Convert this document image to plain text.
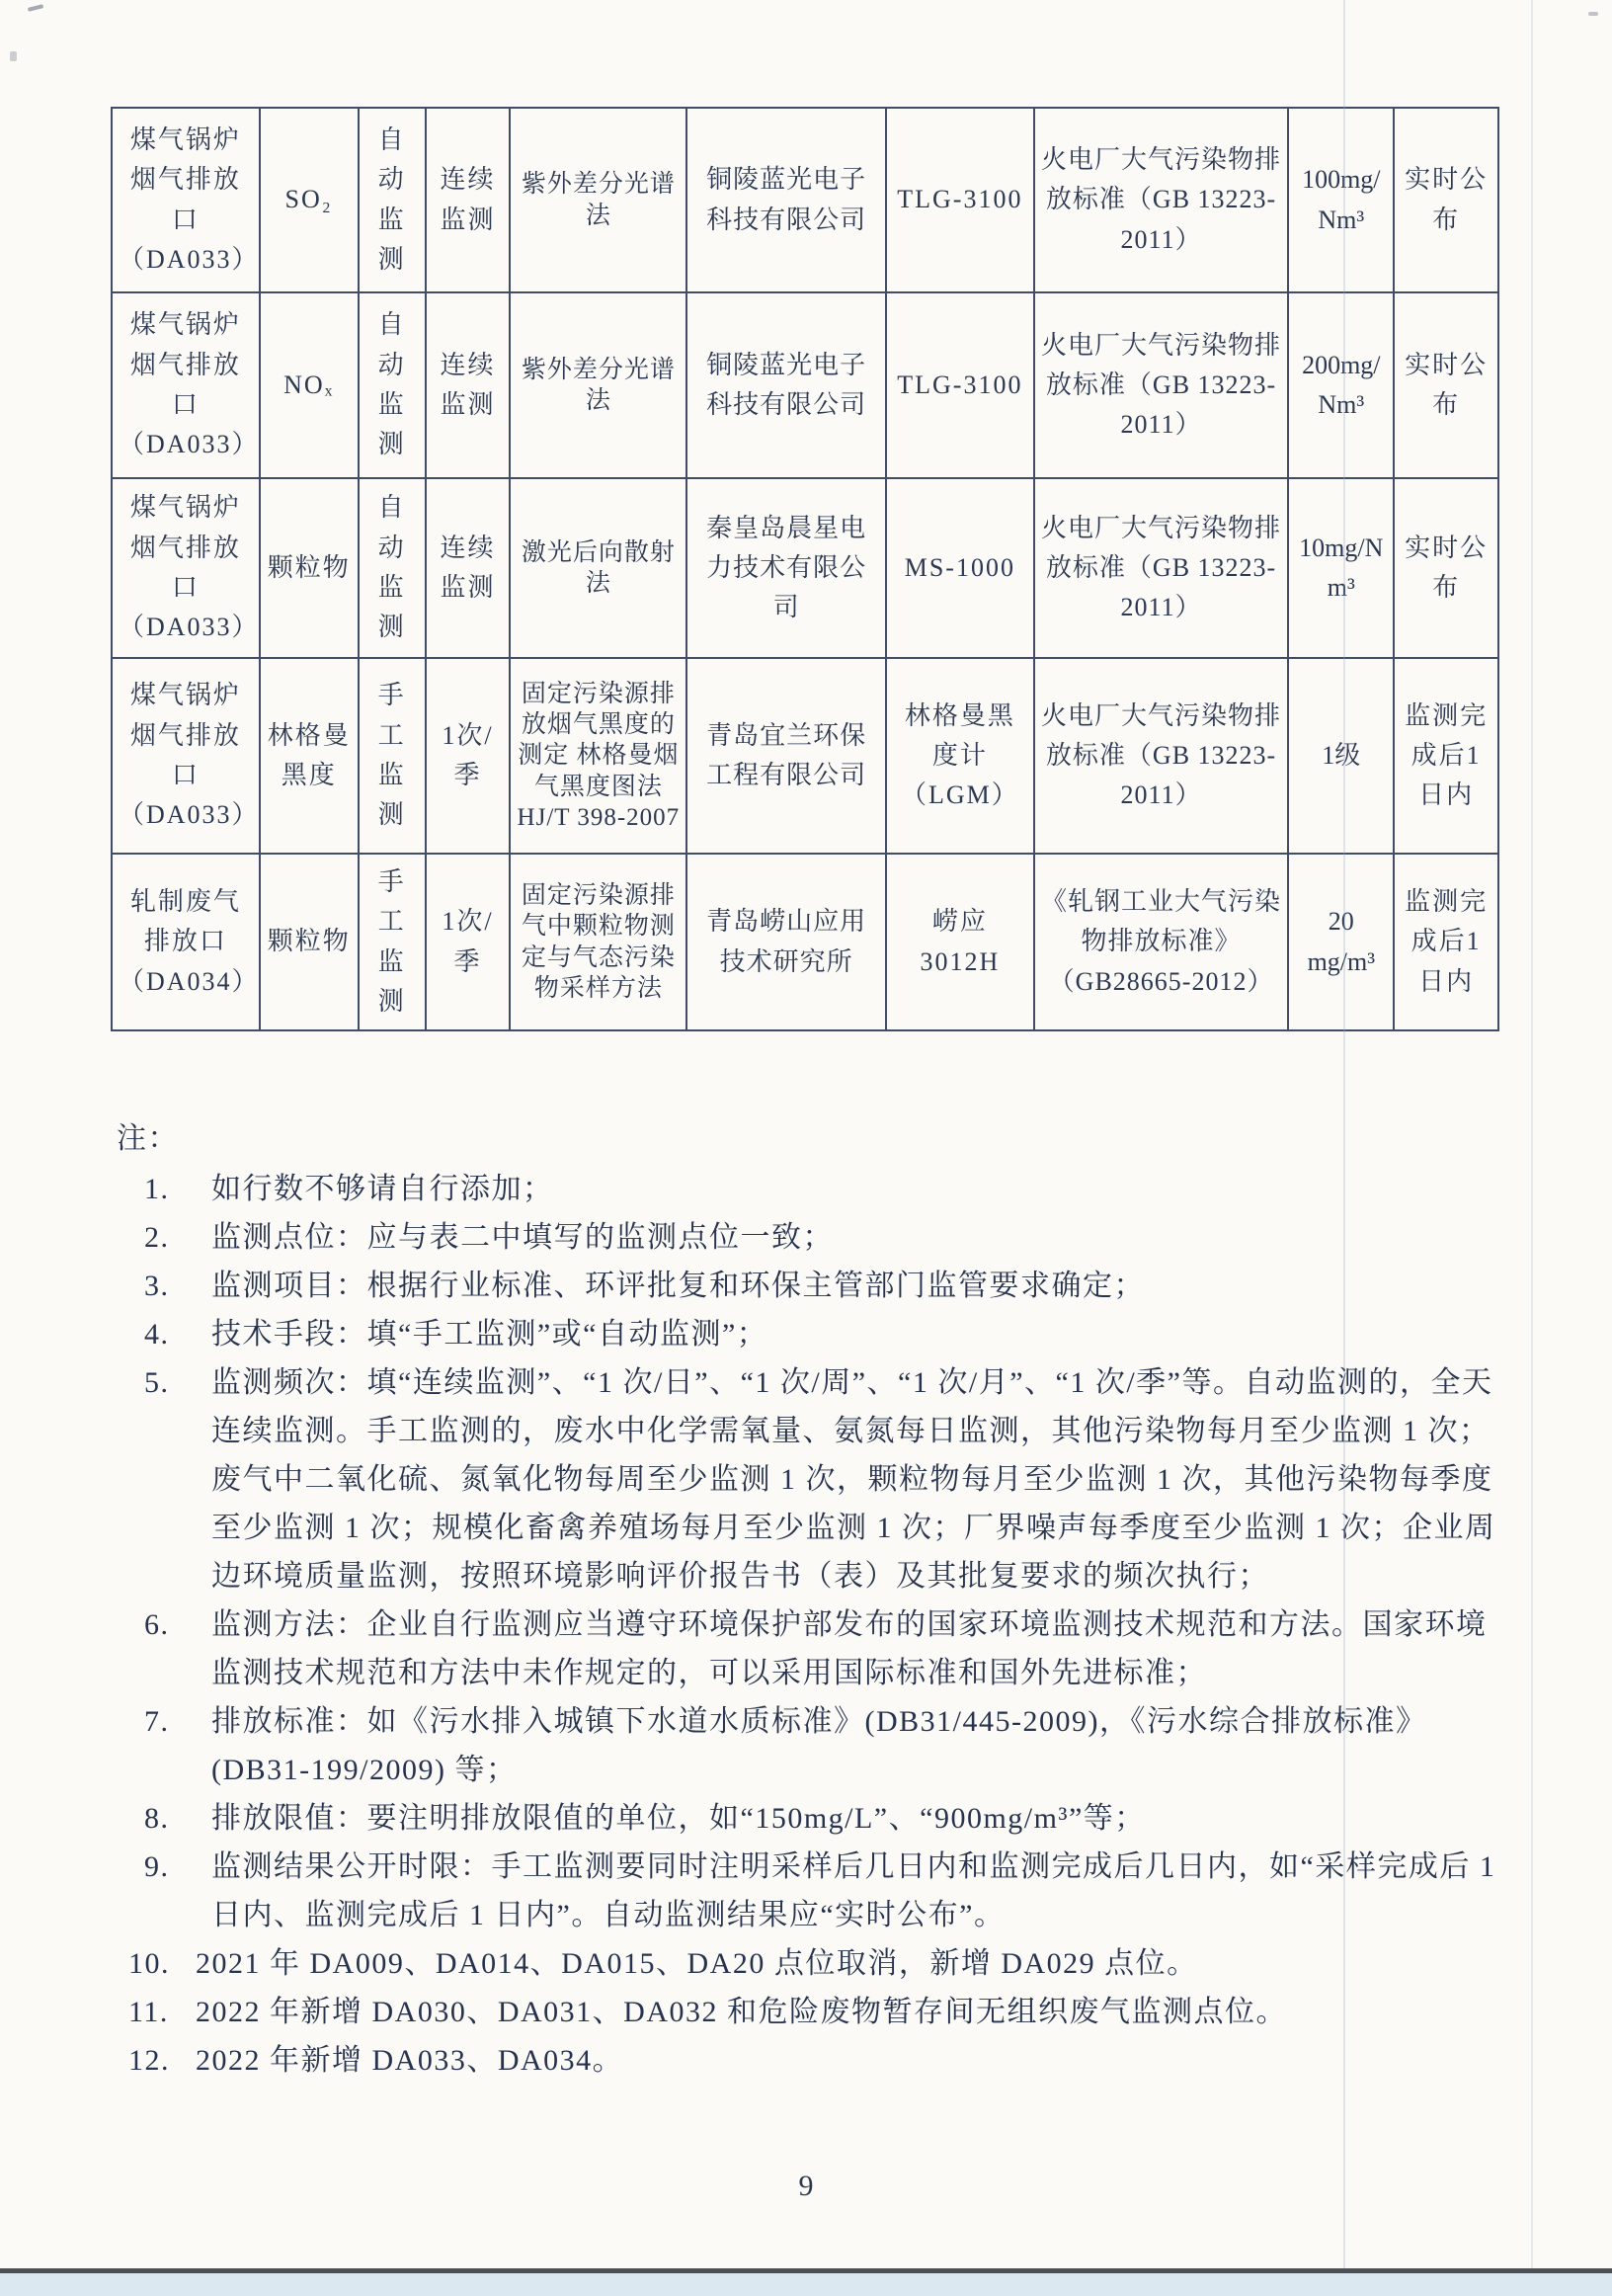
煤气锅炉烟气排放口（DA033）	SO₂	自动监测	连续监测	紫外差分光谱法	铜陵蓝光电子科技有限公司	TLG-3100	火电厂大气污染物排放标准（GB 13223-2011）	100mg/Nm³	实时公布
煤气锅炉烟气排放口（DA033）	NOₓ	自动监测	连续监测	紫外差分光谱法	铜陵蓝光电子科技有限公司	TLG-3100	火电厂大气污染物排放标准（GB 13223-2011）	200mg/Nm³	实时公布
煤气锅炉烟气排放口（DA033）	颗粒物	自动监测	连续监测	激光后向散射法	秦皇岛晨星电力技术有限公司	MS-1000	火电厂大气污染物排放标准（GB 13223-2011）	10mg/Nm³	实时公布
煤气锅炉烟气排放口（DA033）	林格曼黑度	手工监测	1次/季	固定污染源排放烟气黑度的测定 林格曼烟气黑度图法 HJ/T 398-2007	青岛宜兰环保工程有限公司	林格曼黑度计（LGM）	火电厂大气污染物排放标准（GB 13223-2011）	1级	监测完成后1日内
轧制废气排放口（DA034）	颗粒物	手工监测	1次/季	固定污染源排气中颗粒物测定与气态污染物采样方法	青岛崂山应用技术研究所	崂应 3012H	《轧钢工业大气污染物排放标准》（GB28665-2012）	20 mg/m³	监测完成后1日内
注：
1.	如行数不够请自行添加；
2.	监测点位：应与表二中填写的监测点位一致；
3.	监测项目：根据行业标准、环评批复和环保主管部门监管要求确定；
4.	技术手段：填“手工监测”或“自动监测”；
5.	监测频次：填“连续监测”、“1 次/日”、“1 次/周”、“1 次/月”、“1 次/季”等。自动监测的，全天连续监测。手工监测的，废水中化学需氧量、氨氮每日监测，其他污染物每月至少监测 1 次；废气中二氧化硫、氮氧化物每周至少监测 1 次，颗粒物每月至少监测 1 次，其他污染物每季度至少监测 1 次；规模化畜禽养殖场每月至少监测 1 次；厂界噪声每季度至少监测 1 次；企业周边环境质量监测，按照环境影响评价报告书（表）及其批复要求的频次执行；
6.	监测方法：企业自行监测应当遵守环境保护部发布的国家环境监测技术规范和方法。国家环境监测技术规范和方法中未作规定的，可以采用国际标准和国外先进标准；
7.	排放标准：如《污水排入城镇下水道水质标准》(DB31/445-2009)，《污水综合排放标准》(DB31-199/2009) 等；
8.	排放限值：要注明排放限值的单位，如“150mg/L”、“900mg/m³”等；
9.	监测结果公开时限：手工监测要同时注明采样后几日内和监测完成后几日内，如“采样完成后 1 日内、监测完成后 1 日内”。自动监测结果应“实时公布”。
10. 2021 年 DA009、DA014、DA015、DA20 点位取消，新增 DA029 点位。
11. 2022 年新增 DA030、DA031、DA032 和危险废物暂存间无组织废气监测点位。
12. 2022 年新增 DA033、DA034。
9
